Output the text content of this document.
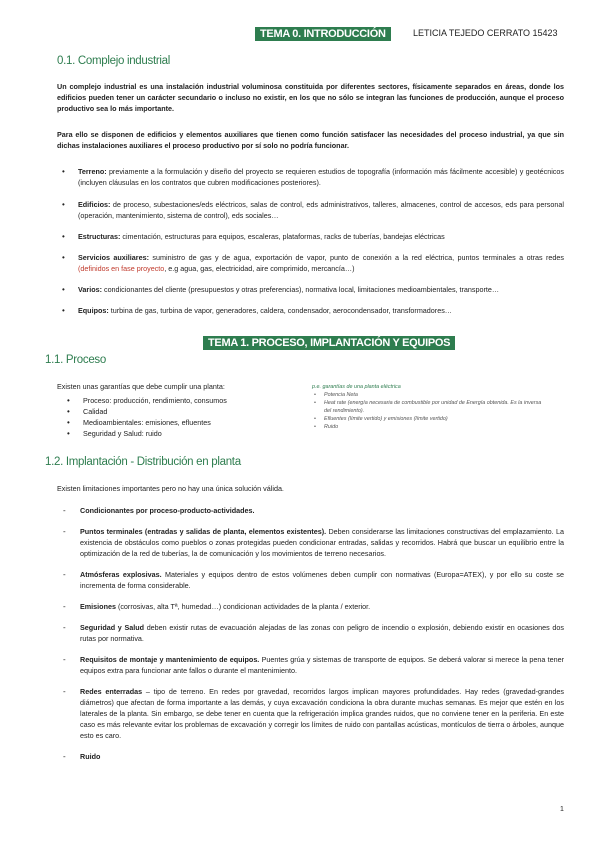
TEMA 0. INTRODUCCIÓN	LETICIA TEJEDO CERRATO 15423
0.1. Complejo industrial
Un complejo industrial es una instalación industrial voluminosa constituida por diferentes sectores, físicamente separados en áreas, donde los edificios pueden tener un carácter secundario o incluso no existir, en los que no sólo se integran las funciones de producción, aunque el proceso productivo sea lo más importante.
Para ello se disponen de edificios y elementos auxiliares que tienen como función satisfacer las necesidades del proceso industrial, ya que sin dichas instalaciones auxiliares el proceso productivo por sí solo no podría funcionar.
• Terreno: previamente a la formulación y diseño del proyecto se requieren estudios de topografía (información más fácilmente accesible) y geotécnicos (incluyen cláusulas en los contratos que cubren modificaciones posteriores).
• Edificios: de proceso, subestaciones/eds eléctricos, salas de control, eds administrativos, talleres, almacenes, control de accesos, eds para personal (operación, mantenimiento, sistema de control), eds sociales…
• Estructuras: cimentación, estructuras para equipos, escaleras, plataformas, racks de tuberías, bandejas eléctricas
• Servicios auxiliares: suministro de gas y de agua, exportación de vapor, punto de conexión a la red eléctrica, puntos terminales a otras redes (definidos en fase proyecto, e.g agua, gas, electricidad, aire comprimido, mercancía…)
• Varios: condicionantes del cliente (presupuestos y otras preferencias), normativa local, limitaciones medioambientales, transporte…
• Equipos: turbina de gas, turbina de vapor, generadores, caldera, condensador, aerocondensador, transformadores…
TEMA 1. PROCESO, IMPLANTACIÓN Y EQUIPOS
1.1. Proceso
Existen unas garantías que debe cumplir una planta:
• Proceso: producción, rendimiento, consumos
• Calidad
• Medioambientales: emisiones, efluentes
• Seguridad y Salud: ruido
p.e. garantías de una planta eléctrica
• Potencia Neta
• Heat rate (energía necesaria de combustible por unidad de Energía obtenida. Es la inversa del rendimiento).
• Efluentes (límite vertido) y emisiones (límite vertido)
• Ruido
1.2. Implantación - Distribución en planta
Existen limitaciones importantes pero no hay una única solución válida.
- Condicionantes por proceso-producto-actividades.
- Puntos terminales (entradas y salidas de planta, elementos existentes). Deben considerarse las limitaciones constructivas del emplazamiento. La existencia de obstáculos como pueblos o zonas protegidas pueden condicionar entradas, salidas y recorridos. Habrá que buscar un equilibrio entre la optimización de la red de tuberías, la de comunicación y los movimientos de terreno necesarios.
- Atmósferas explosivas. Materiales y equipos dentro de estos volúmenes deben cumplir con normativas (Europa=ATEX), y por ello su coste se incrementa de forma considerable.
- Emisiones (corrosivas, alta Tª, humedad…) condicionan actividades de la planta / exterior.
- Seguridad y Salud deben existir rutas de evacuación alejadas de las zonas con peligro de incendio o explosión, debiendo existir en ocasiones dos rutas por normativa.
- Requisitos de montaje y mantenimiento de equipos. Puentes grúa y sistemas de transporte de equipos. Se deberá valorar si merece la pena tener equipos extra para funcionar ante fallos o durante el mantenimiento.
- Redes enterradas – tipo de terreno. En redes por gravedad, recorridos largos implican mayores profundidades. Hay redes (gravedad-grandes diámetros) que afectan de forma importante a las demás, y cuya excavación condiciona la obra durante muchas semanas. Es mejor que estén en los laterales de la planta. Sin embargo, se debe tener en cuenta que la refrigeración implica grandes ruidos, que no conviene tener en la periferia. En este caso es más relevante evitar los problemas de excavación y corregir los límites de ruido con pantallas acústicas, montículos de tierra o árboles, aunque esto es caro.
- Ruido
1
